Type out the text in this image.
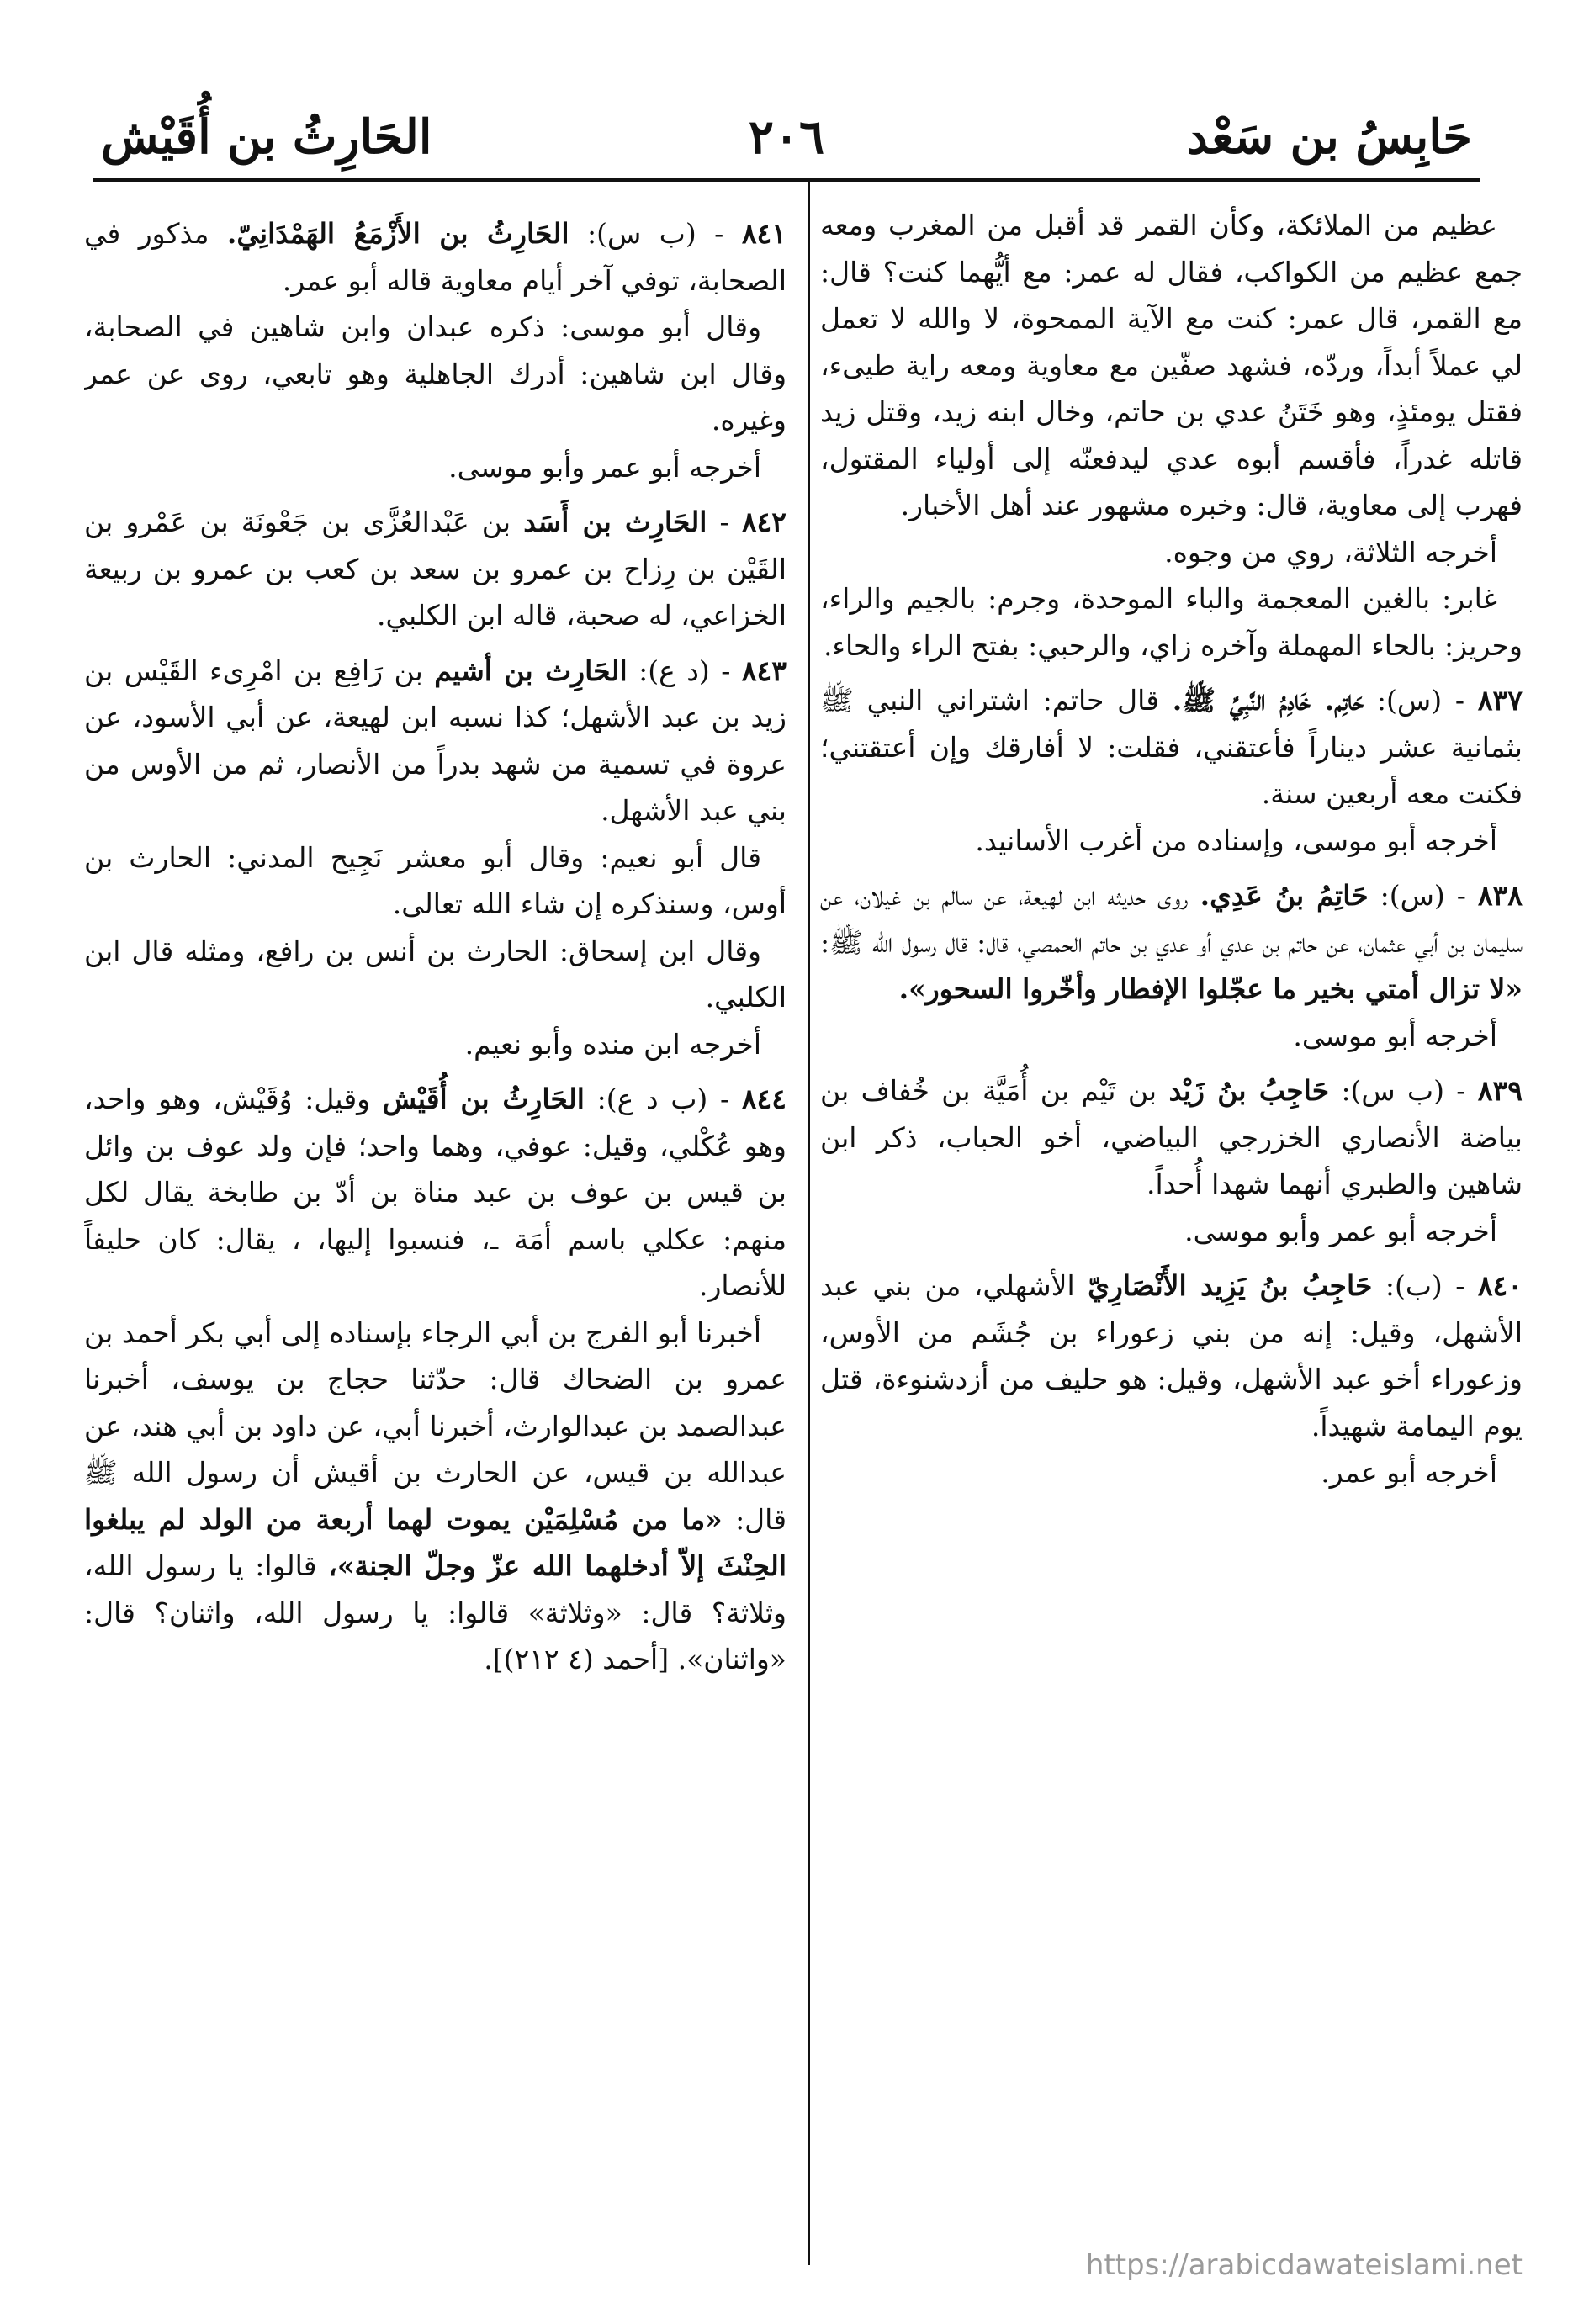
حَابِسُ بن سَعْد
٢٠٦
الحَارِثُ بن أُقَيْش

عظيم من الملائكة، وكأن القمر قد أقبل من المغرب ومعه جمع عظيم من الكواكب، فقال له عمر: مع أيُّهما كنت؟ قال: مع القمر، قال عمر: كنت مع الآية الممحوة، لا والله لا تعمل لي عملاً أبداً، وردّه، فشهد صفّين مع معاوية ومعه راية طيىء، فقتل يومئذٍ، وهو خَتَنُ عدي بن حاتم، وخال ابنه زيد، وقتل زيد قاتله غدراً، فأقسم أبوه عدي ليدفعنّه إلى أولياء المقتول، فهرب إلى معاوية، قال: وخبره مشهور عند أهل الأخبار.

أخرجه الثلاثة، روي من وجوه.

غابر: بالغين المعجمة والباء الموحدة، وجرم: بالجيم والراء، وحريز: بالحاء المهملة وآخره زاي، والرحبي: بفتح الراء والحاء.

٨٣٧ - (س): حَاتِم. خَادِمُ النَّبِيِّ ﷺ. قال حاتم: اشتراني النبي ﷺ بثمانية عشر ديناراً فأعتقني، فقلت: لا أفارقك وإن أعتقتني؛ فكنت معه أربعين سنة.

أخرجه أبو موسى، وإسناده من أغرب الأسانيد.

٨٣٨ - (س): حَاتِمُ بنُ عَدِي. روى حديثه ابن لهيعة، عن سالم بن غيلان، عن سليمان بن أبي عثمان، عن حاتم بن عدي أو عدي بن حاتم الحمصي، قال: قال رسول الله ﷺ: «لا تزال أمتي بخير ما عجّلوا الإفطار وأخّروا السحور».

أخرجه أبو موسى.

٨٣٩ - (ب س): حَاجِبُ بنُ زَيْد بن تَيْم بن أُمَيَّة بن خُفاف بن بياضة الأنصاري الخزرجي البياضي، أخو الحباب، ذكر ابن شاهين والطبري أنهما شهدا أُحداً.

أخرجه أبو عمر وأبو موسى.

٨٤٠ - (ب): حَاجِبُ بنُ يَزِيد الأَنْصَارِيّ الأشهلي، من بني عبد الأشهل، وقيل: إنه من بني زعوراء بن جُشَم من الأوس، وزعوراء أخو عبد الأشهل، وقيل: هو حليف من أزدشنوءة، قتل يوم اليمامة شهيداً.

أخرجه أبو عمر.

٨٤١ - (ب س): الحَارِثُ بن الأَزْمَعُ الهَمْدَانِيّ. مذكور في الصحابة، توفي آخر أيام معاوية قاله أبو عمر.

وقال أبو موسى: ذكره عبدان وابن شاهين في الصحابة، وقال ابن شاهين: أدرك الجاهلية وهو تابعي، روى عن عمر وغيره.

أخرجه أبو عمر وأبو موسى.

٨٤٢ - الحَارِث بن أَسَد بن عَبْدالعُزَّى بن جَعْونَة بن عَمْرو بن القَيْن بن رِزاح بن عمرو بن سعد بن كعب بن عمرو بن ربيعة الخزاعي، له صحبة، قاله ابن الكلبي.

٨٤٣ - (د ع): الحَارِث بن أشيم بن رَافِع بن امْرِىء القَيْس بن زيد بن عبد الأشهل؛ كذا نسبه ابن لهيعة، عن أبي الأسود، عن عروة في تسمية من شهد بدراً من الأنصار، ثم من الأوس من بني عبد الأشهل.

قال أبو نعيم: وقال أبو معشر نَجِيح المدني: الحارث بن أوس، وسنذكره إن شاء الله تعالى.

وقال ابن إسحاق: الحارث بن أنس بن رافع، ومثله قال ابن الكلبي.

أخرجه ابن منده وأبو نعيم.

٨٤٤ - (ب د ع): الحَارِثُ بن أُقَيْش وقيل: وُقَيْش، وهو واحد، وهو عُكْلي، وقيل: عوفي، وهما واحد؛ فإن ولد عوف بن وائل بن قيس بن عوف بن عبد مناة بن أدّ بن طابخة يقال لكل منهم: عكلي باسم أمَة ـ، فنسبوا إليها، ، يقال: كان حليفاً للأنصار.

أخبرنا أبو الفرج بن أبي الرجاء بإسناده إلى أبي بكر أحمد بن عمرو بن الضحاك قال: حدّثنا حجاج بن يوسف، أخبرنا عبدالصمد بن عبدالوارث، أخبرنا أبي، عن داود بن أبي هند، عن عبدالله بن قيس، عن الحارث بن أقيش أن رسول الله ﷺ قال: «ما من مُسْلِمَيْن يموت لهما أربعة من الولد لم يبلغوا الحِنْثَ إلاّ أدخلهما الله عزّ وجلّ الجنة»، قالوا: يا رسول الله، وثلاثة؟ قال: «وثلاثة» قالوا: يا رسول الله، واثنان؟ قال: «واثنان». [أحمد (٤ ٢١٢)].

https://arabicdawateislami.net
